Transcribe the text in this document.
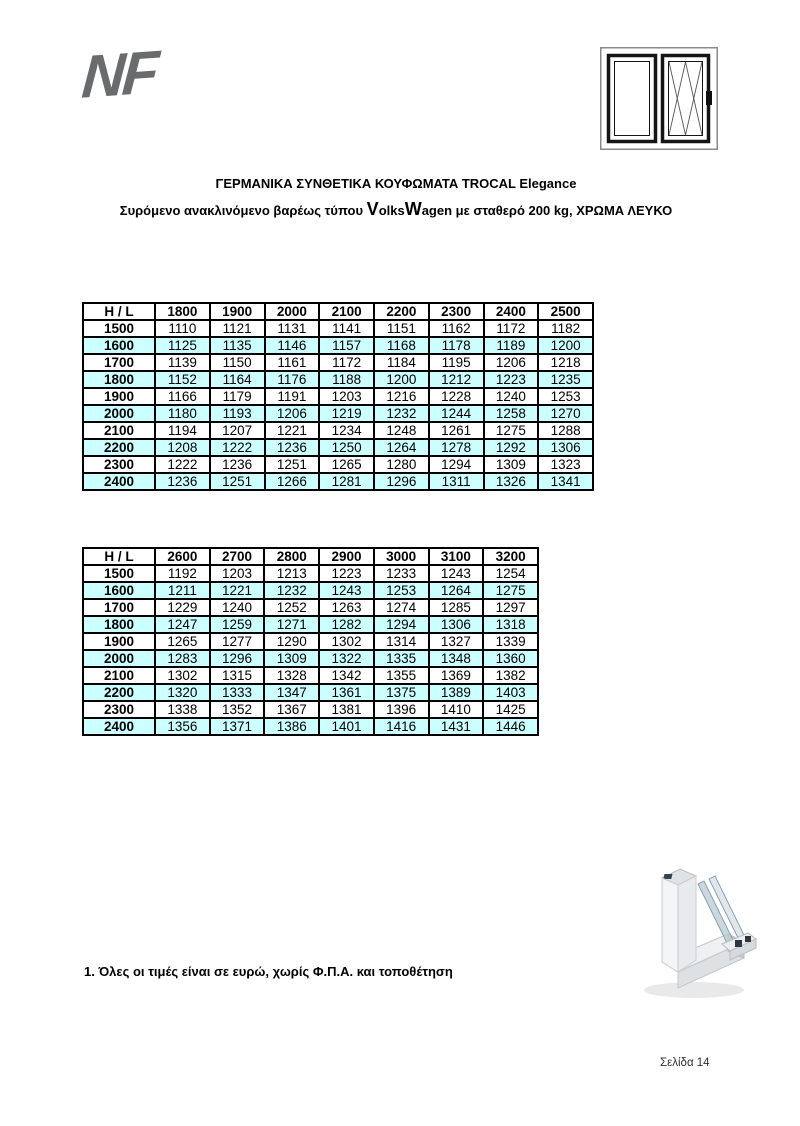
NF
ΓΕΡΜΑΝΙΚΑ ΣΥΝΘΕΤΙΚΑ ΚΟΥΦΩΜΑΤΑ TROCAL Elegance
Συρόμενο ανακλινόμενο βαρέως τύπου VolksWagen με σταθερό 200 kg, ΧΡΩΜΑ ΛΕΥΚΟ
H / L	1800	1900	2000	2100	2200	2300	2400	2500
1500	1110	1121	1131	1141	1151	1162	1172	1182
1600	1125	1135	1146	1157	1168	1178	1189	1200
1700	1139	1150	1161	1172	1184	1195	1206	1218
1800	1152	1164	1176	1188	1200	1212	1223	1235
1900	1166	1179	1191	1203	1216	1228	1240	1253
2000	1180	1193	1206	1219	1232	1244	1258	1270
2100	1194	1207	1221	1234	1248	1261	1275	1288
2200	1208	1222	1236	1250	1264	1278	1292	1306
2300	1222	1236	1251	1265	1280	1294	1309	1323
2400	1236	1251	1266	1281	1296	1311	1326	1341
H / L	2600	2700	2800	2900	3000	3100	3200
1500	1192	1203	1213	1223	1233	1243	1254
1600	1211	1221	1232	1243	1253	1264	1275
1700	1229	1240	1252	1263	1274	1285	1297
1800	1247	1259	1271	1282	1294	1306	1318
1900	1265	1277	1290	1302	1314	1327	1339
2000	1283	1296	1309	1322	1335	1348	1360
2100	1302	1315	1328	1342	1355	1369	1382
2200	1320	1333	1347	1361	1375	1389	1403
2300	1338	1352	1367	1381	1396	1410	1425
2400	1356	1371	1386	1401	1416	1431	1446
1. Όλες οι τιμές είναι σε ευρώ, χωρίς Φ.Π.Α. και τοποθέτηση
Σελίδα 14
